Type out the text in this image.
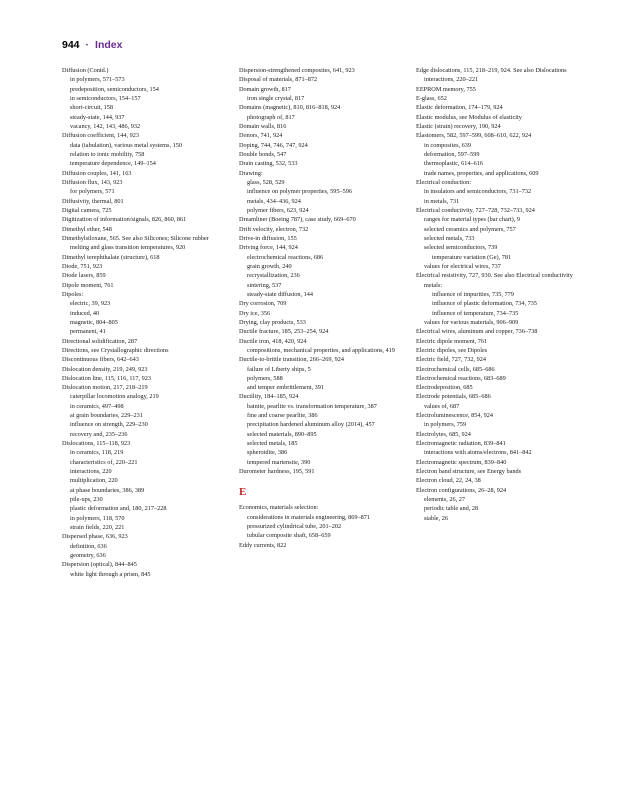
944 · Index
Diffusion (Contd.)
in polymers, 571–573
predeposition, semiconductors, 154
in semiconductors, 154–157
short-circuit, 158
steady-state, 144, 937
vacancy, 142, 143, 486, 932
Diffusion coefficient, 144, 923
data (tabulation), various metal systems, 150
relation to ionic mobility, 758
temperature dependence, 149–154
Diffusion couples, 141, 163
Diffusion flux, 143, 923
for polymers, 571
Diffusivity, thermal, 801
Digital camera, 725
Digitization of information/signals, 826, 860, 861
Dimethyl ether, 548
Dimethylsiloxane, 565. See also Silicones; Silicone rubber
melting and glass transition temperatures, 920
Dimethyl terephthalate (structure), 618
Diode, 751, 923
Diode lasers, 859
Dipole moment, 761
Dipoles:
electric, 39, 923
induced, 40
magnetic, 804–805
permanent, 41
Directional solidification, 287
Directions, see Crystallographic directions
Discontinuous fibers, 642–643
Dislocation density, 219, 249, 923
Dislocation line, 115, 116, 117, 923
Dislocation motion, 217, 218–219
caterpillar locomotion analogy, 219
in ceramics, 497–498
at grain boundaries, 229–231
influence on strength, 229–230
recovery and, 235–236
Dislocations, 115–118, 923
in ceramics, 118, 219
characteristics of, 220–221
interactions, 220
multiplication, 220
at phase boundaries, 386, 389
pile-ups, 230
plastic deformation and, 180, 217–228
in polymers, 118, 570
strain fields, 220, 221
Dispersed phase, 636, 923
definition, 636
geometry, 636
Dispersion (optical), 844–845
white light through a prism, 845
Dispersion-strengthened composites, 641, 923
Disposal of materials, 871–872
Domain growth, 817
iron single crystal, 817
Domains (magnetic), 810, 816–818, 924
photograph of, 817
Domain walls, 816
Donors, 741, 924
Doping, 744, 746, 747, 924
Double bonds, 547
Drain casting, 532, 533
Drawing:
glass, 528, 529
influence on polymer properties, 595–596
metals, 434–436, 924
polymer fibers, 623, 924
Dreamliner (Boeing 787), case study, 669–670
Drift velocity, electron, 732
Drive-in diffusion, 155
Driving force, 144, 924
electrochemical reactions, 686
grain growth, 240
recrystallization, 236
sintering, 537
steady-state diffusion, 144
Dry corrosion, 709
Dry ice, 356
Drying, clay products, 533
Ductile fracture, 185, 253–254, 924
Ductile iron, 418, 420, 924
compositions, mechanical properties, and applications, 419
Ductile-to-brittle transition, 266–269, 924
failure of Liberty ships, 5
polymers, 588
and temper embrittlement, 391
Ductility, 184–185, 924
bainite, pearlite vs. transformation temperature, 387
fine and coarse pearlite, 386
precipitation hardened aluminum alloy (2014), 457
selected materials, 890–895
selected metals, 185
spheroidite, 386
tempered martensite, 390
Durometer hardness, 195, 591
E
Economics, materials selection:
considerations in materials engineering, 869–871
pressurized cylindrical tube, 201–202
tubular composite shaft, 658–659
Eddy currents, 822
Edge dislocations, 115, 218–219, 924. See also Dislocations
interactions, 220–221
EEPROM memory, 755
E-glass, 652
Elastic deformation, 174–179, 924
Elastic modulus, see Modulus of elasticity
Elastic (strain) recovery, 190, 924
Elastomers, 582, 597–599, 608–610, 622, 924
in composites, 639
deformation, 597–599
thermoplastic, 614–616
trade names, properties, and applications, 609
Electrical conduction:
in insulators and semiconductors, 731–732
in metals, 731
Electrical conductivity, 727–728, 732–733, 924
ranges for material types (bar chart), 9
selected ceramics and polymers, 757
selected metals, 733
selected semiconductors, 739
temperature variation (Ge), 781
values for electrical wires, 737
Electrical resistivity, 727, 930. See also Electrical conductivity
metals:
influence of impurities, 735, 779
influence of plastic deformation, 734, 735
influence of temperature, 734–735
values for various materials, 906–909
Electrical wires, aluminum and copper, 736–738
Electric dipole moment, 761
Electric dipoles, see Dipoles
Electric field, 727, 732, 924
Electrochemical cells, 685–686
Electrochemical reactions, 683–689
Electrodeposition, 685
Electrode potentials, 685–686
values of, 687
Electroluminescence, 854, 924
in polymers, 759
Electrolytes, 685, 924
Electromagnetic radiation, 839–841
interactions with atoms/electrons, 841–842
Electromagnetic spectrum, 839–840
Electron band structure, see Energy bands
Electron cloud, 22, 24, 38
Electron configurations, 26–28, 924
elements, 26, 27
periodic table and, 28
stable, 26
